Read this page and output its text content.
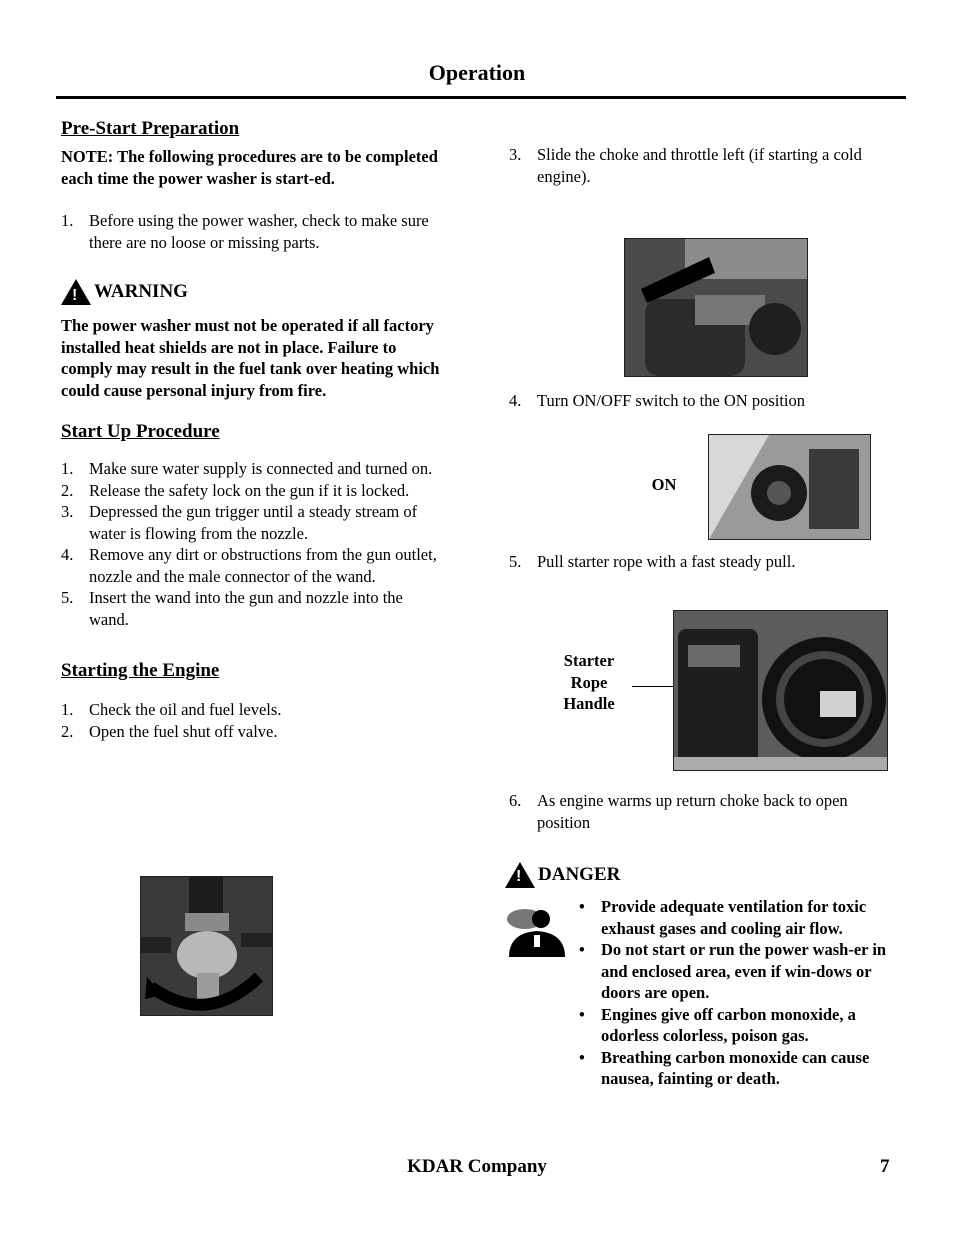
Operation
Pre-Start Preparation

NOTE: The following procedures are to be completed each time the power washer is start-ed.

1. Before using the power washer, check to make sure there are no loose or missing parts.
!
WARNING

The power washer must not be operated if all factory installed heat shields are not in place. Failure to comply may result in the fuel tank over heating which could cause personal injury from fire.

Start Up Procedure
1. Make sure water supply is connected and turned on.
2. Release the safety lock on the gun if it is locked.
3. Depressed the gun trigger until a steady stream of water is flowing from the nozzle.
4. Remove any dirt or obstructions from the gun outlet, nozzle and the male connector of the wand.
5. Insert the wand into the gun and nozzle into the wand.
Starting the Engine
1. Check the oil and fuel levels.
2. Open the fuel shut off valve.
3. Slide the choke and throttle left (if starting a cold engine).
4. Turn ON/OFF switch to the ON position
ON
5. Pull starter rope with a fast steady pull.
Starter
Rope
Handle
6. As engine warms up return choke back to open position
!
DANGER
• Provide adequate ventilation for toxic exhaust gases and cooling air flow.
• Do not start or run the power wash-er in and enclosed area, even if win-dows or doors are open.
• Engines give off carbon monoxide, a odorless colorless, poison gas.
• Breathing carbon monoxide can cause nausea, fainting or death.
KDAR Company	7
